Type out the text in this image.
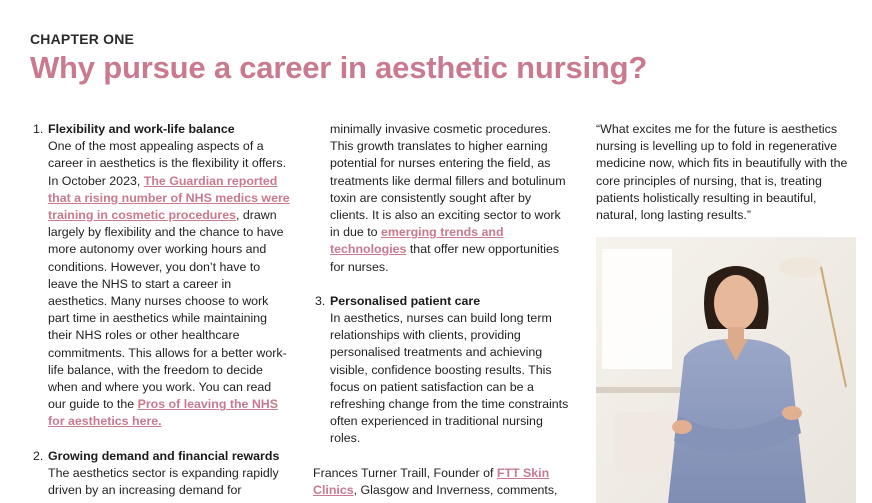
CHAPTER ONE
Why pursue a career in aesthetic nursing?
1. Flexibility and work-life balance

One of the most appealing aspects of a career in aesthetics is the flexibility it offers. In October 2023, The Guardian reported that a rising number of NHS medics were training in cosmetic procedures, drawn largely by flexibility and the chance to have more autonomy over working hours and conditions. However, you don’t have to leave the NHS to start a career in aesthetics. Many nurses choose to work part time in aesthetics while maintaining their NHS roles or other healthcare commitments. This allows for a better work-life balance, with the freedom to decide when and where you work. You can read our guide to the Pros of leaving the NHS for aesthetics here.

2. Growing demand and financial rewards

The aesthetics sector is expanding rapidly driven by an increasing demand for

minimally invasive cosmetic procedures. This growth translates to higher earning potential for nurses entering the field, as treatments like dermal fillers and botulinum toxin are consistently sought after by clients. It is also an exciting sector to work in due to emerging trends and technologies that offer new opportunities for nurses.

3. Personalised patient care

In aesthetics, nurses can build long term relationships with clients, providing personalised treatments and achieving visible, confidence boosting results. This focus on patient satisfaction can be a refreshing change from the time constraints often experienced in traditional nursing roles.

Frances Turner Traill, Founder of FTT Skin Clinics, Glasgow and Inverness, comments,

“What excites me for the future is aesthetics nursing is levelling up to fold in regenerative medicine now, which fits in beautifully with the core principles of nursing, that is, treating patients holistically resulting in beautiful, natural, long lasting results.”
